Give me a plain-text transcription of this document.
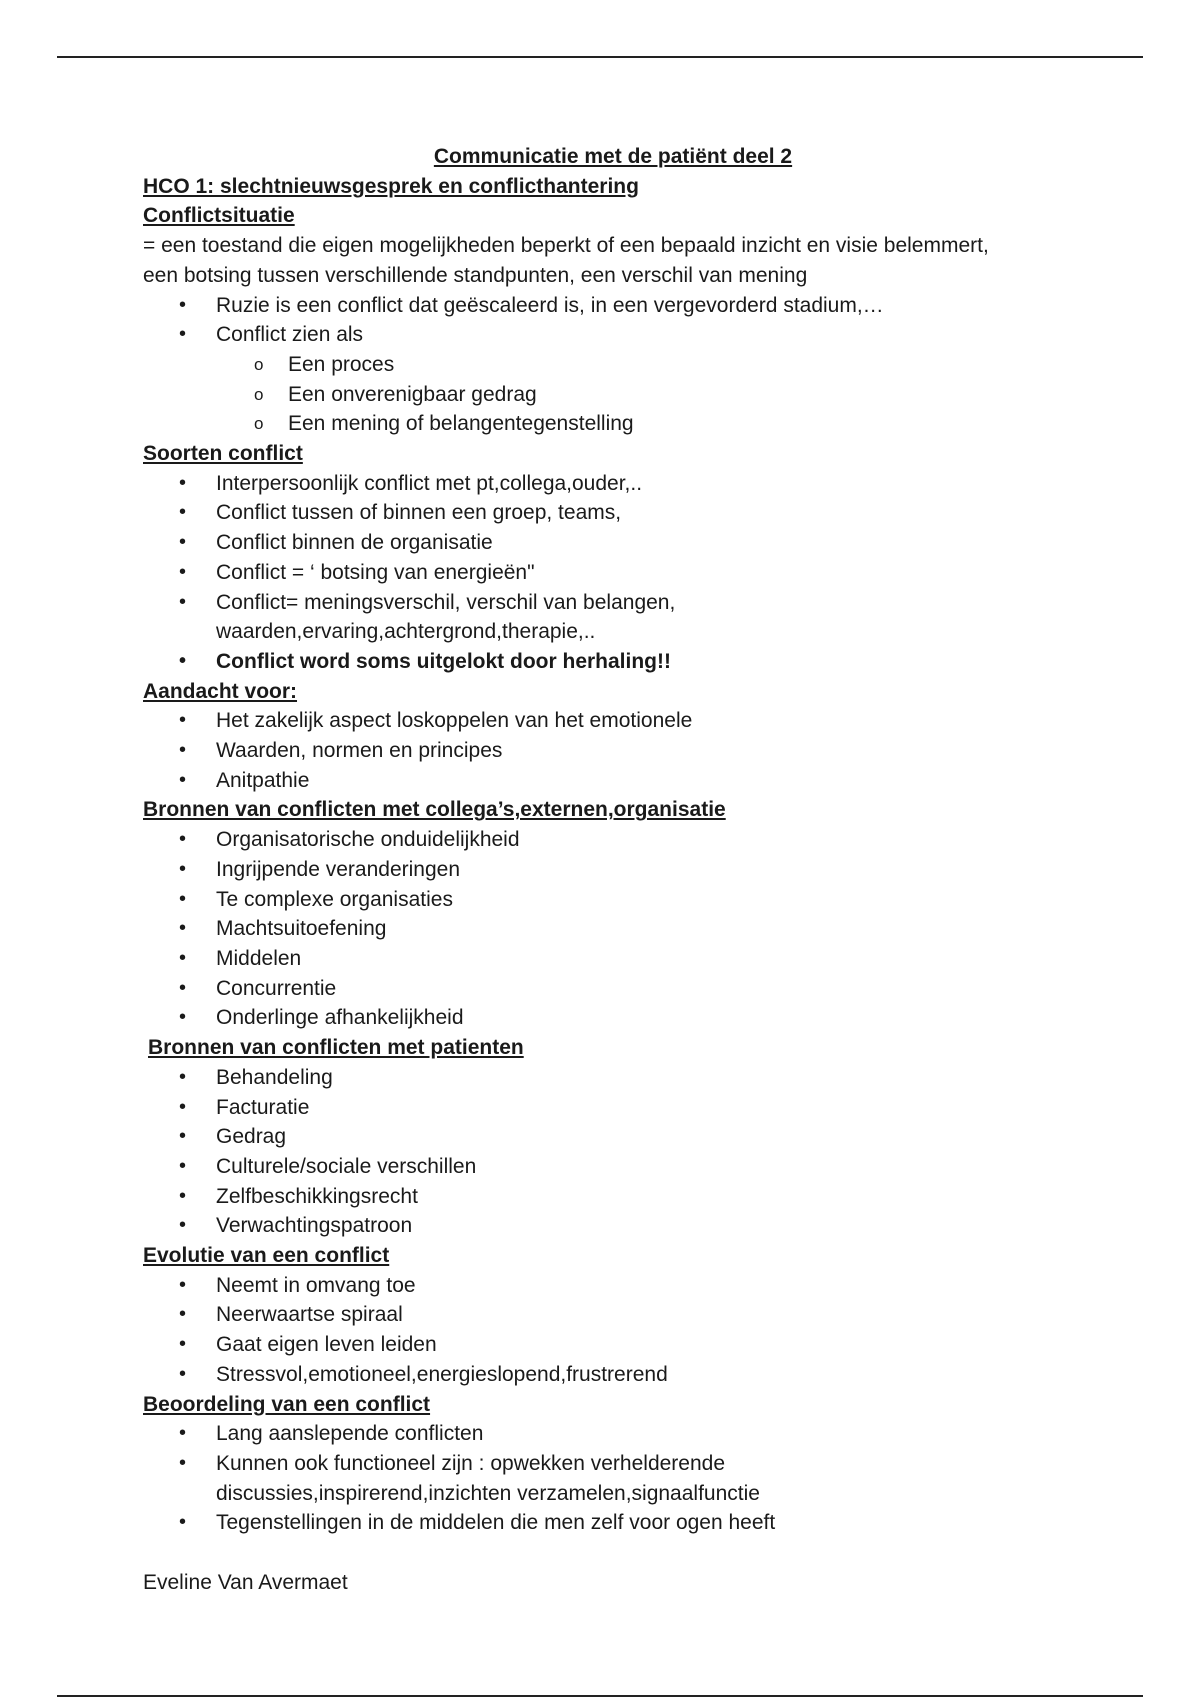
Communicatie met de patiënt deel 2
HCO 1: slechtnieuwsgesprek en conflicthantering
Conflictsituatie
= een toestand die eigen mogelijkheden beperkt of een bepaald inzicht en visie belemmert,
een botsing tussen verschillende standpunten, een verschil van mening
• Ruzie is een conflict dat geëscaleerd is, in een vergevorderd stadium,…
• Conflict zien als
o Een proces
o Een onverenigbaar gedrag
o Een mening of belangentegenstelling
Soorten conflict
• Interpersoonlijk conflict met pt,collega,ouder,..
• Conflict tussen of binnen een groep, teams,
• Conflict binnen de organisatie
• Conflict = ‘ botsing van energieën"
• Conflict= meningsverschil, verschil van belangen,
waarden,ervaring,achtergrond,therapie,..
• Conflict word soms uitgelokt door herhaling!!
Aandacht voor:
• Het zakelijk aspect loskoppelen van het emotionele
• Waarden, normen en principes
• Anitpathie
Bronnen van conflicten met collega’s,externen,organisatie
• Organisatorische onduidelijkheid
• Ingrijpende veranderingen
• Te complexe organisaties
• Machtsuitoefening
• Middelen
• Concurrentie
• Onderlinge afhankelijkheid
Bronnen van conflicten met patienten
• Behandeling
• Facturatie
• Gedrag
• Culturele/sociale verschillen
• Zelfbeschikkingsrecht
• Verwachtingspatroon
Evolutie van een conflict
• Neemt in omvang toe
• Neerwaartse spiraal
• Gaat eigen leven leiden
• Stressvol,emotioneel,energieslopend,frustrerend
Beoordeling van een conflict
• Lang aanslepende conflicten
• Kunnen ook functioneel zijn : opwekken verhelderende
discussies,inspirerend,inzichten verzamelen,signaalfunctie
• Tegenstellingen in de middelen die men zelf voor ogen heeft
Eveline Van Avermaet
